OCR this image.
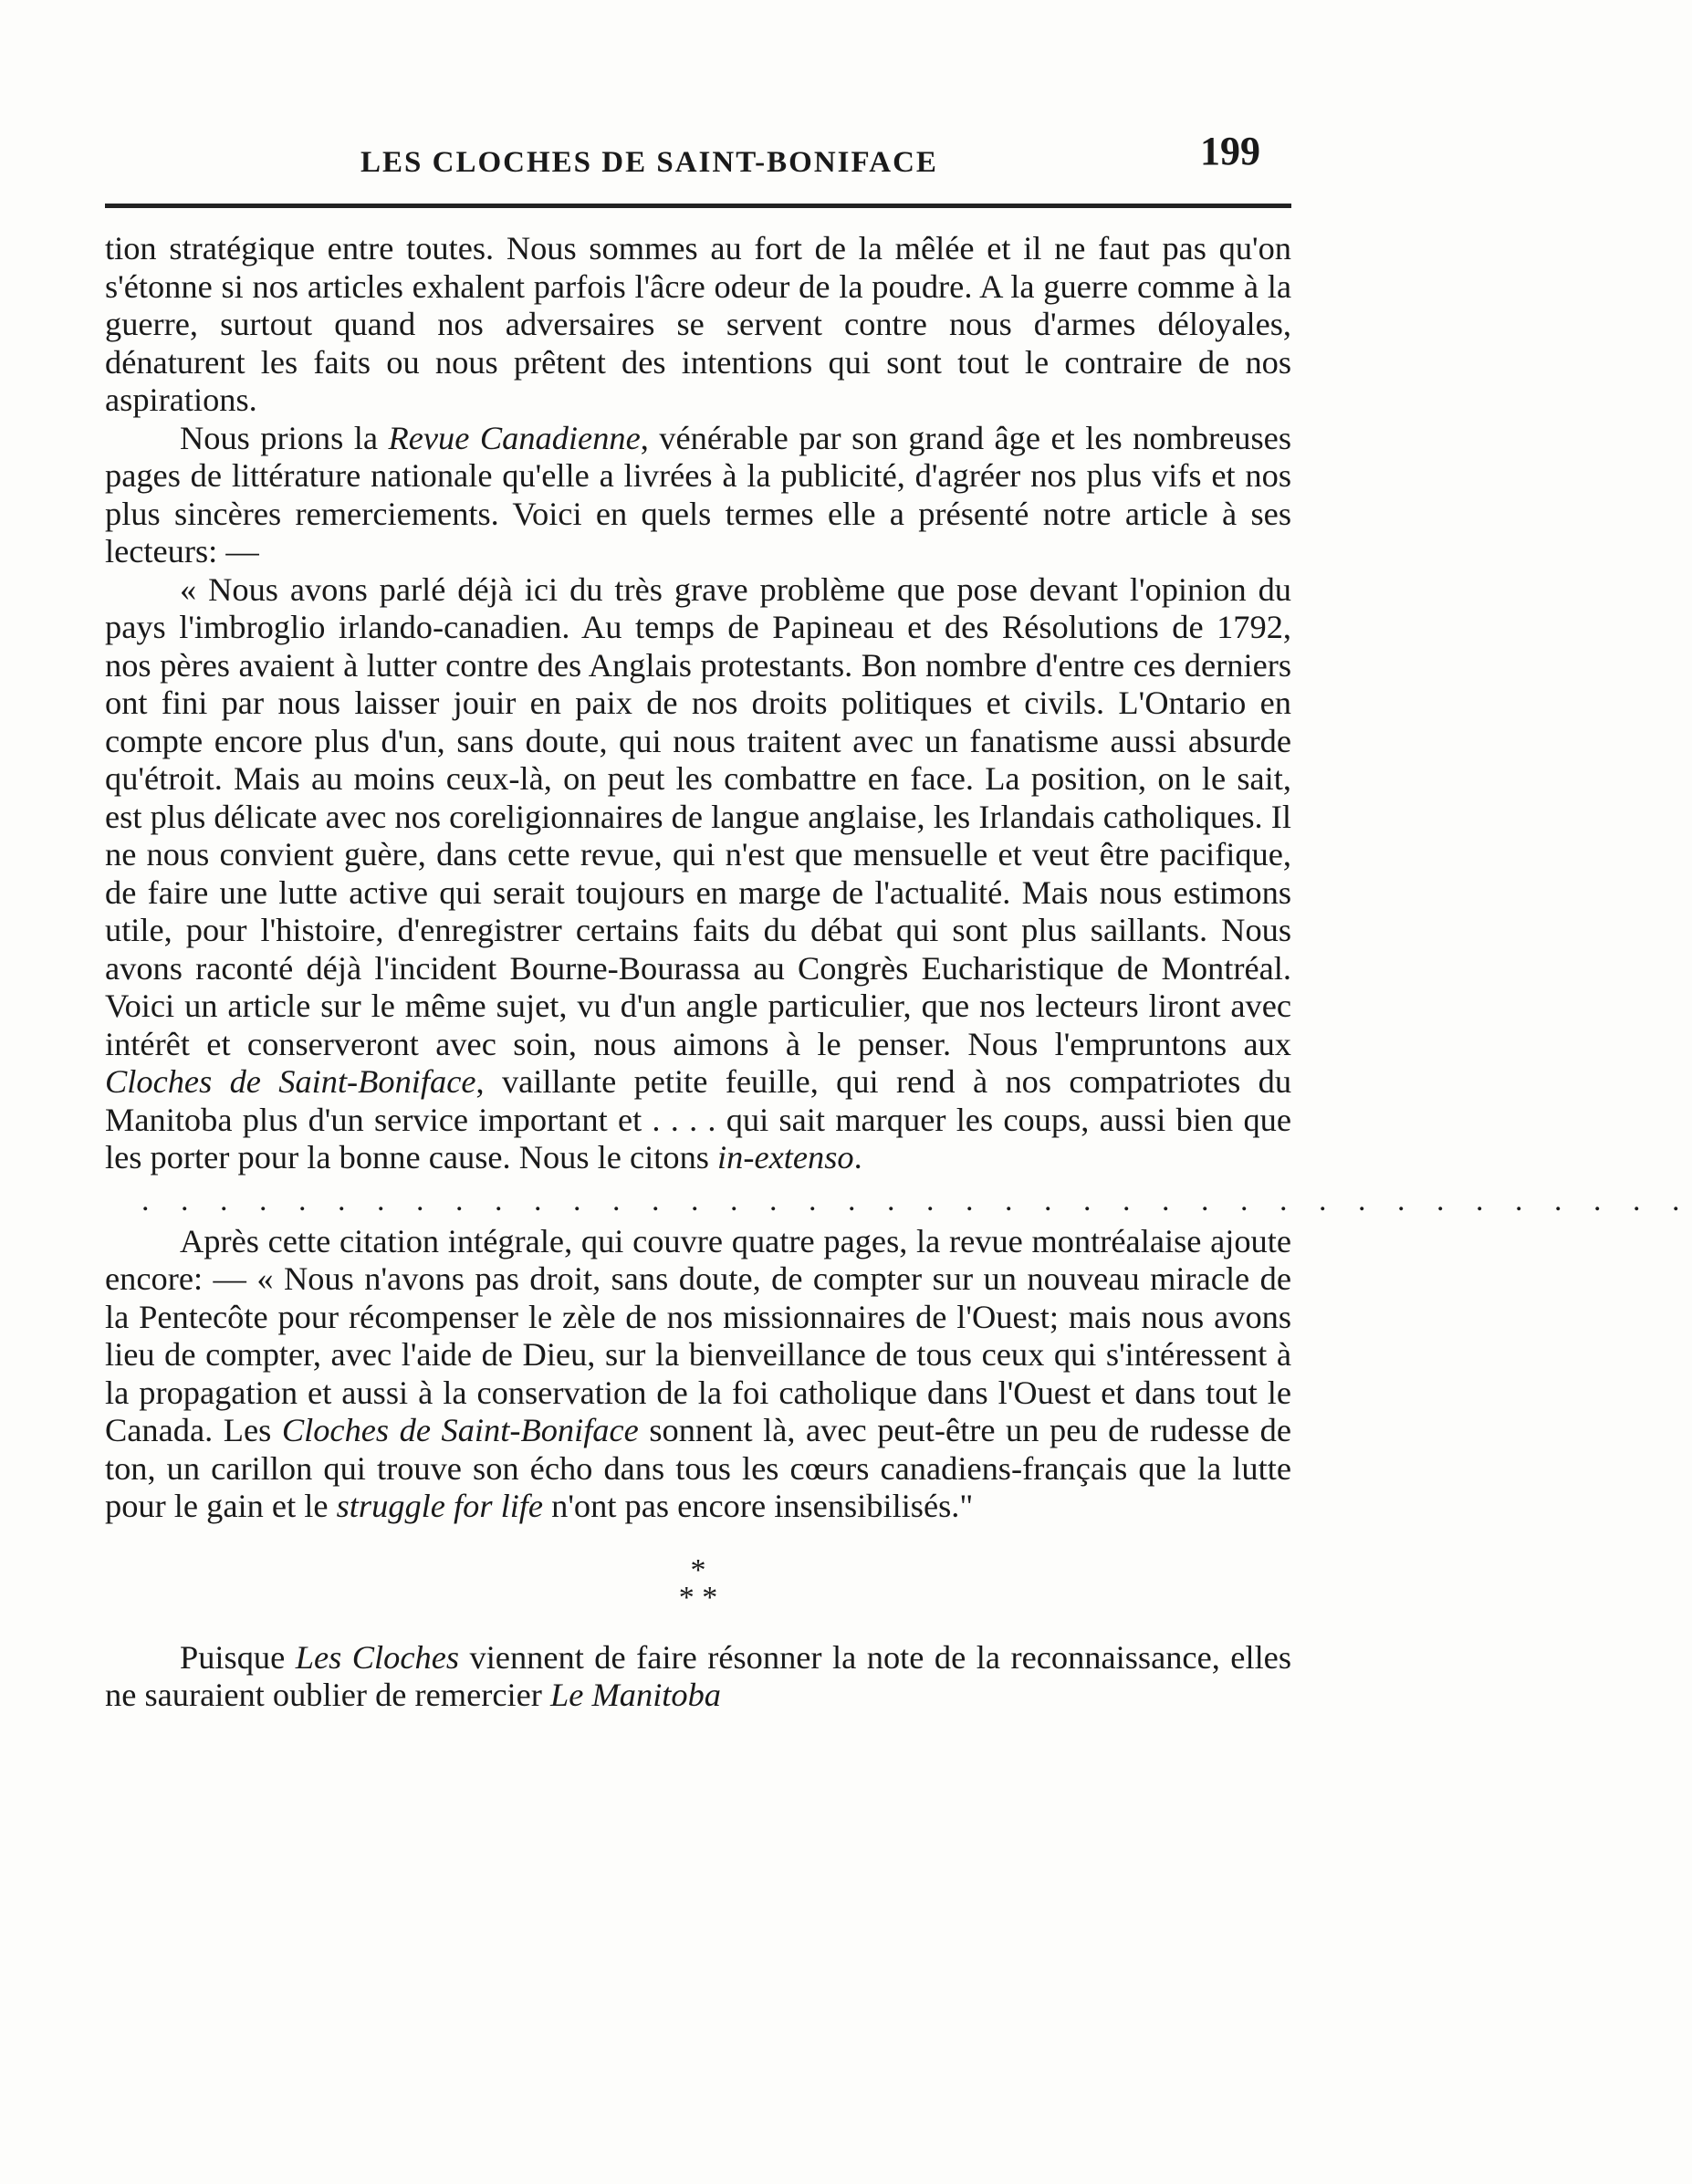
LES CLOCHES DE SAINT-BONIFACE	199

tion stratégique entre toutes. Nous sommes au fort de la mêlée et il ne faut pas qu'on s'étonne si nos articles exhalent parfois l'âcre odeur de la poudre. A la guerre comme à la guerre, surtout quand nos adversaires se servent contre nous d'armes déloyales, dénaturent les faits ou nous prêtent des intentions qui sont tout le contraire de nos aspirations.

Nous prions la Revue Canadienne, vénérable par son grand âge et les nombreuses pages de littérature nationale qu'elle a livrées à la publicité, d'agréer nos plus vifs et nos plus sincères remerciements. Voici en quels termes elle a présenté notre article à ses lecteurs: —

« Nous avons parlé déjà ici du très grave problème que pose devant l'opinion du pays l'imbroglio irlando-canadien. Au temps de Papineau et des Résolutions de 1792, nos pères avaient à lutter contre des Anglais protestants. Bon nombre d'entre ces derniers ont fini par nous laisser jouir en paix de nos droits politiques et civils. L'Ontario en compte encore plus d'un, sans doute, qui nous traitent avec un fanatisme aussi absurde qu'étroit. Mais au moins ceux-là, on peut les combattre en face. La position, on le sait, est plus délicate avec nos coreligionnaires de langue anglaise, les Irlandais catholiques. Il ne nous convient guère, dans cette revue, qui n'est que mensuelle et veut être pacifique, de faire une lutte active qui serait toujours en marge de l'actualité. Mais nous estimons utile, pour l'histoire, d'enregistrer certains faits du débat qui sont plus saillants. Nous avons raconté déjà l'incident Bourne-Bourassa au Congrès Eucharistique de Montréal. Voici un article sur le même sujet, vu d'un angle particulier, que nos lecteurs liront avec intérêt et conserveront avec soin, nous aimons à le penser. Nous l'empruntons aux Cloches de Saint-Boniface, vaillante petite feuille, qui rend à nos compatriotes du Manitoba plus d'un service important et . . . . qui sait marquer les coups, aussi bien que les porter pour la bonne cause. Nous le citons in-extenso.

. . . . . . . . . . . . . . . . . . . . . . . . . . . . . . . . . . . . . . . .

Après cette citation intégrale, qui couvre quatre pages, la revue montréalaise ajoute encore: — « Nous n'avons pas droit, sans doute, de compter sur un nouveau miracle de la Pentecôte pour récompenser le zèle de nos missionnaires de l'Ouest; mais nous avons lieu de compter, avec l'aide de Dieu, sur la bienveillance de tous ceux qui s'intéressent à la propagation et aussi à la conservation de la foi catholique dans l'Ouest et dans tout le Canada. Les Cloches de Saint-Boniface sonnent là, avec peut-être un peu de rudesse de ton, un carillon qui trouve son écho dans tous les cœurs canadiens-français que la lutte pour le gain et le struggle for life n'ont pas encore insensibilisés."

*
* *

Puisque Les Cloches viennent de faire résonner la note de la reconnaissance, elles ne sauraient oublier de remercier Le Manitoba
